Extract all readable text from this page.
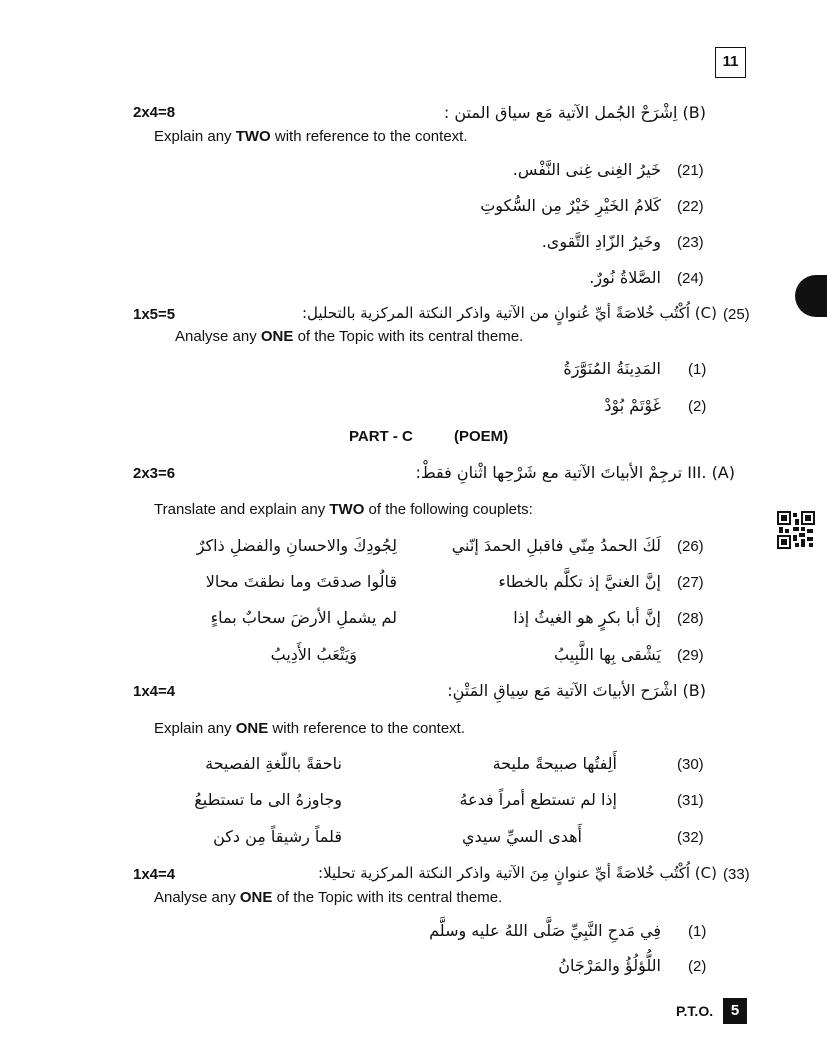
11
2x4=8	(B) اِشْرَحْ الجُمل الآتية مَع سياق المتن :
Explain any TWO with reference to the context.
(21)
خَيرُ الغِنى غِنى النَّفْس.
(22)
كَلامُ الخَيْرِ خَيْرٌ مِن السُّكوتِ
(23)
وخَيرُ الزّادِ التَّقوى.
(24)
الصَّلاةُ نُورٌ.
1x5=5	(25)
(C) اُكْتُب خُلاصَةً أيِّ عُنوانٍ من الآتية واذكر النكتة المركزية بالتحليل:
Analyse any ONE of the Topic with its central theme.
(1)
المَدِينَةُ المُنَوَّرَةُ
(2)
غَوْتَمْ بُوْدْ
PART - C	(POEM)
2x3=6	III. (A) ترجِمْ الأبياتَ الآتية مع شَرْحِها اثْنانِ فقطْ:
Translate and explain any TWO of the following couplets:
(26)
لَكَ الحمدُ مِنّي فاقبلِ الحمدَ إنّني
لِجُودِكَ والاحسانِ والفضلِ ذاكرٌ
(27)
إنَّ الغنيَّ إذ تكلَّم بالخطاء
قالُوا صدقتَ وما نطقتَ محالا
(28)
إنَّ أبا بكرٍ هو الغيثُ إذا
لم يشملِ الأرضَ سحابٌ بماءٍ
(29)
يَشْقى بِها اللَّبِيبُ
وَيَتْعَبُ الأَدِيبُ
1x4=4	(B) اشْرَح الأبياتَ الآتية مَع سِياقِ المَتْنِ:
Explain any ONE with reference to the context.
(30)
أَلِفتُها صبيحةً مليحة
ناحقةً باللّغةِ الفصيحة
(31)
إذا لم تستطع أمراً فدعهُ
وجاوزهُ الى ما تستطيعُ
(32)
أَهدى السيِّ سيدي
قلماً رشيقاً مِن دكن
1x4=4	(33)
(C) اُكْتُب خُلاصَةً أيِّ عنوانٍ مِنَ الآتية واذكر النكتة المركزية تحليلا:
Analyse any ONE of the Topic with its central theme.
(1)
فِي مَدحِ النَّبِيِّ صَلَّى اللهُ عليه وسلَّم
(2)
اللُّؤلُؤُ والمَرْجَانُ
P.T.O.	5
